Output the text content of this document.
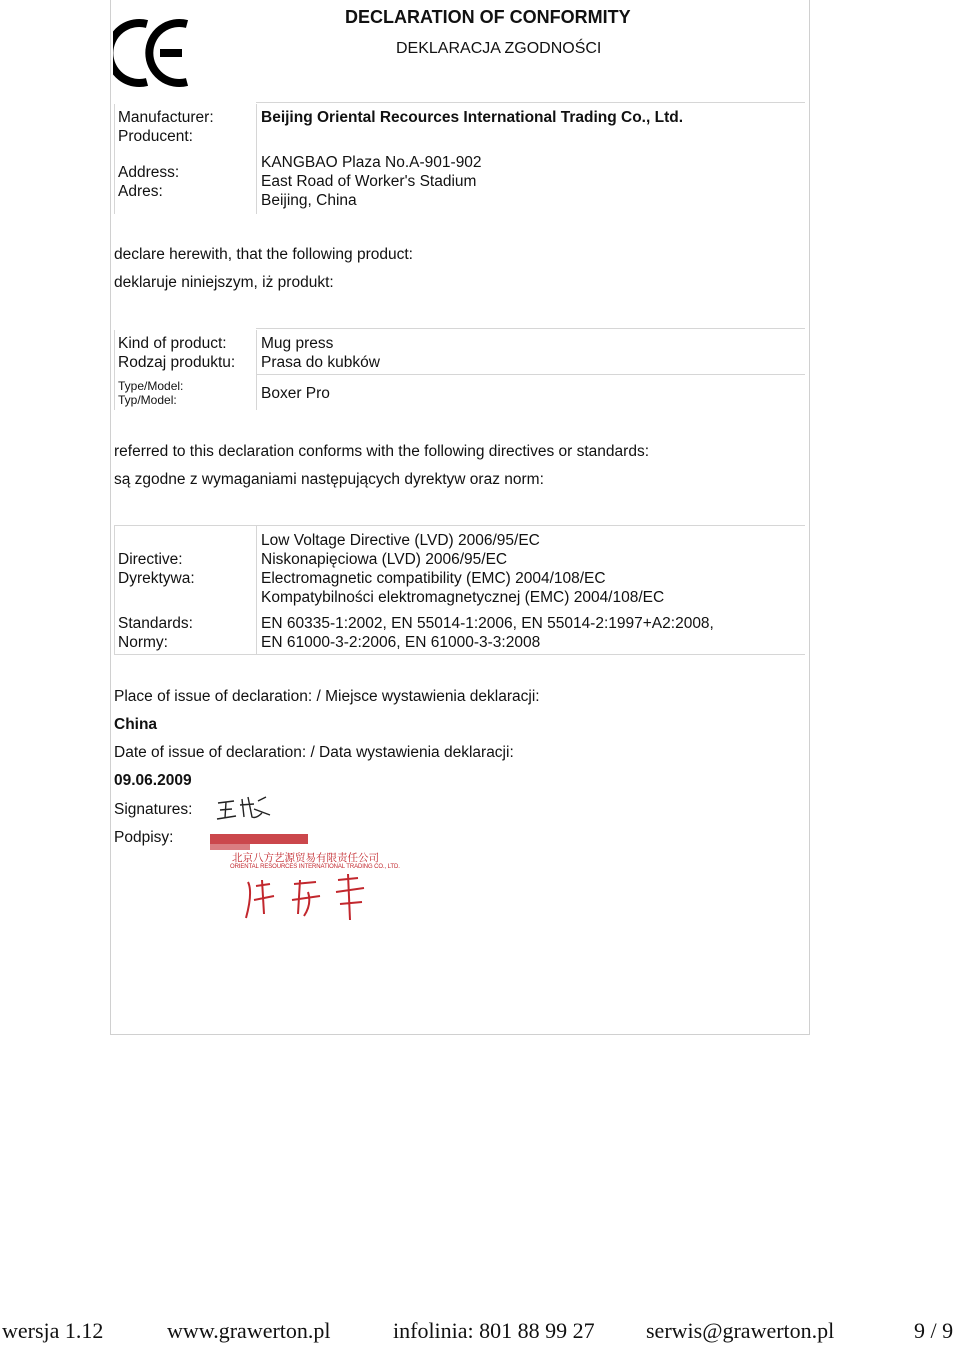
DECLARATION OF CONFORMITY
DEKLARACJA ZGODNOŚCI
Manufacturer:
Producent:
Beijing Oriental Recources International Trading Co., Ltd.
Address:
Adres:
KANGBAO Plaza No.A-901-902
East Road of Worker's Stadium
Beijing, China
declare herewith, that the following product:
deklaruje niniejszym, iż produkt:
Kind of product:
Rodzaj produktu:
Mug press
Prasa do kubków
Type/Model:
Typ/Model:	Boxer Pro
referred to this declaration conforms with the following directives or standards:
są zgodne z wymaganiami następujących dyrektyw oraz norm:
Directive:
Dyrektywa:
Low Voltage Directive (LVD) 2006/95/EC
Niskonapięciowa (LVD) 2006/95/EC
Electromagnetic compatibility (EMC) 2004/108/EC
Kompatybilności elektromagnetycznej (EMC) 2004/108/EC
Standards:
Normy:
EN 60335-1:2002, EN 55014-1:2006, EN 55014-2:1997+A2:2008,
EN 61000-3-2:2006, EN 61000-3-3:2008
Place of issue of declaration: / Miejsce wystawienia deklaracji:
China
Date of issue of declaration: / Data wystawienia deklaracji:
09.06.2009
Signatures:
Podpisy:
北京八方艺源贸易有限责任公司
ORIENTAL RESOURCES INTERNATIONAL TRADING CO., LTD.
wersja 1.12	www.grawerton.pl	infolinia: 801 88 99 27 serwis@grawerton.pl	9 / 9
